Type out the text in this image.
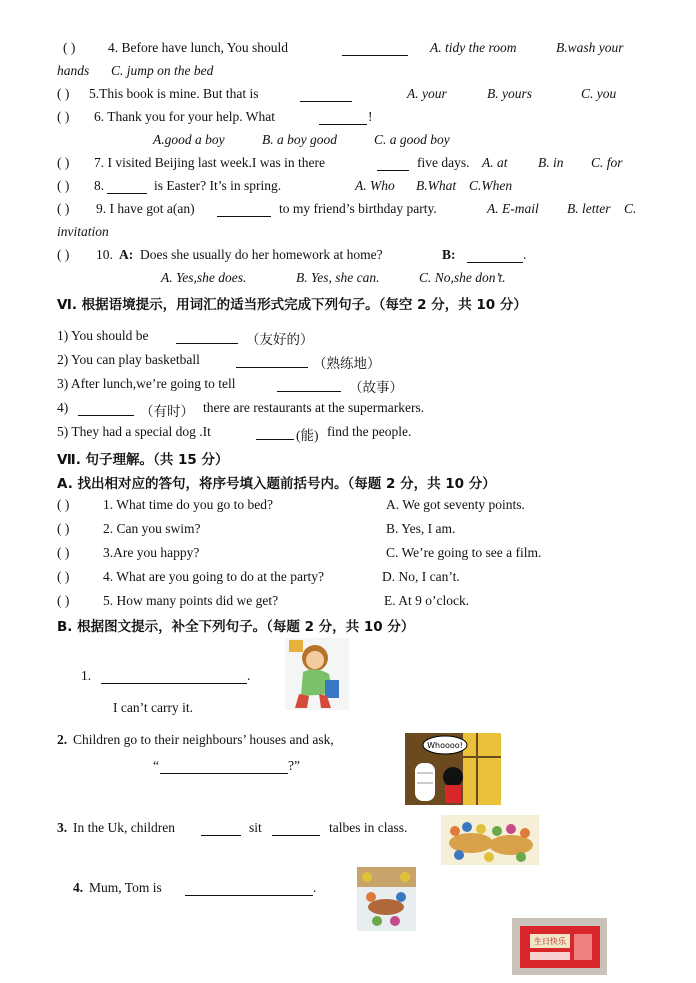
( ) 4. Before have lunch, You should	A. tidy the room	B.wash your
hands C. jump on the bed
( ) 5.This book is mine. But that is	A. your	B. yours	C. you
( ) 6. Thank you for your help. What	!
A.good a boy	B. a boy good	C. a good boy
( ) 7. I visited Beijing last week.I was in there	five days. A. at B. in C. for
( ) 8.	is Easter? It’s in spring.	A. Who B.What C.When
( ) 9. I have got a(an)	to my friend’s birthday party.	A. E-mail B. letter C.
invitation
( ) 10. A: Does she usually do her homework at home?	B:	.
A. Yes,she does.	B. Yes, she can.	C. No,she don’t.
Ⅵ. 根据语境提示，用词汇的适当形式完成下列句子。（每空 2 分，共 10 分）
1) You should be	（友好的）
2) You can play basketball	（熟练地）
3) After lunch,we’re going to tell	（故事）
4)	（有时） there are restaurants at the supermarkers.
5) They had a special dog .It	(能) find the people.
Ⅶ. 句子理解。（共 15 分）
A. 找出相对应的答句，将序号填入题前括号内。（每题 2 分，共 10 分）
( ) 1. What time do you go to bed?	A. We got seventy points.
( ) 2. Can you swim?	B. Yes, I am.
( ) 3.Are you happy?	C. We’re going to see a film.
( ) 4. What are you going to do at the party?	D. No, I can’t.
( ) 5. How many points did we get?	E. At 9 o’clock.
B. 根据图文提示，补全下列句子。（每题 2 分，共 10 分）
1.	.
I can’t carry it.
2. Children go to their neighbours’ houses and ask,
“	?”
Whoooo!
3. In the Uk, children	sit	talbes in class.
4. Mum, Tom is	.
生日快乐
